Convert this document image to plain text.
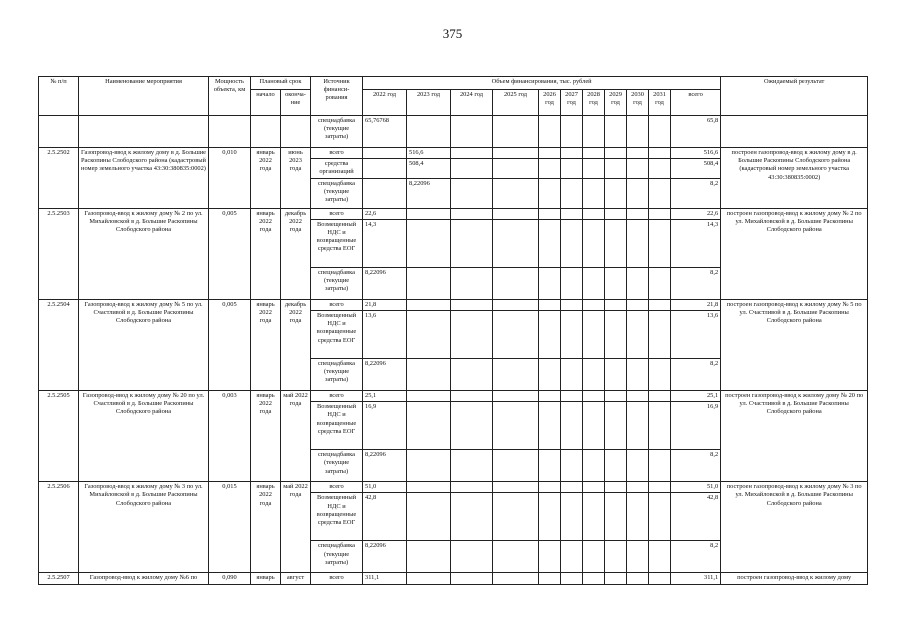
375
№ п/п	Наименование мероприятия	Мощность объекта, км	Плановый срок		Источник финанси-рования	Объем финансирования, тыс. рублей											Ожидаемый результат
			начало	оконча-ние		2022 год	2023 год	2024 год	2025 год	2026 год	2027 год	2028 год	2029 год	2030 год	2031 год	всего	
					спецнадбавка (текущие затраты)	65,76768										65,8	
2.5.2502	Газопровод-ввод к жилому дому в д. Большие Раскопины Слободского района (кадастровый номер земельного участка 43:30:380835:0002)	0,010	январь 2022 года	июнь 2023 года	всего		516,6									516,6	построен газопровод-ввод к жилому дому в д. Большие Раскопины Слободского района (кадастровый номер земельного участка 43:30:380835:0002)
					средства организаций		508,4									508,4	
					спецнадбавка (текущие затраты)		8,22096									8,2	
2.5.2503	Газопровод-ввод к жилому дому № 2 по ул. Михайловской в д. Большие Раскопины Слободского района	0,005	январь 2022 года	декабрь 2022 года	всего	22,6										22,6	построен газопровод-ввод к жилому дому № 2 по ул. Михайловской в д. Большие Раскопины Слободского района
					Возмещенный НДС и возвращенные средства ЕОГ	14,3										14,3	
					спецнадбавка (текущие затраты)	8,22096										8,2	
2.5.2504	Газопровод-ввод к жилому дому № 5 по ул. Счастливой в д. Большие Раскопины Слободского района	0,005	январь 2022 года	декабрь 2022 года	всего	21,8										21,8	построен газопровод-ввод к жилому дому № 5 по ул. Счастливой в д. Большие Раскопины Слободского района
					Возмещенный НДС и возвращенные средства ЕОГ	13,6										13,6	
					спецнадбавка (текущие затраты)	8,22096										8,2	
2.5.2505	Газопровод-ввод к жилому дому № 20 по ул. Счастливой в д. Большие Раскопины Слободского района	0,003	январь 2022 года	май 2022 года	всего	25,1										25,1	построен газопровод-ввод к жилому дому № 20 по ул. Счастливой в д. Большие Раскопины Слободского района
					Возмещенный НДС и возвращенные средства ЕОГ	16,9										16,9	
					спецнадбавка (текущие затраты)	8,22096										8,2	
2.5.2506	Газопровод-ввод к жилому дому № 3 по ул. Михайловской в д. Большие Раскопины Слободского района	0,015	январь 2022 года	май 2022 года	всего	51,0										51,0	построен газопровод-ввод к жилому дому № 3 по ул. Михайловской в д. Большие Раскопины Слободского района
					Возмещенный НДС и возвращенные средства ЕОГ	42,8										42,8	
					спецнадбавка (текущие затраты)	8,22096										8,2	
2.5.2507	Газопровод-ввод к жилому дому №6 по	0,090	январь	август	всего	311,1										311,1	построен газопровод-ввод к жилому дому
